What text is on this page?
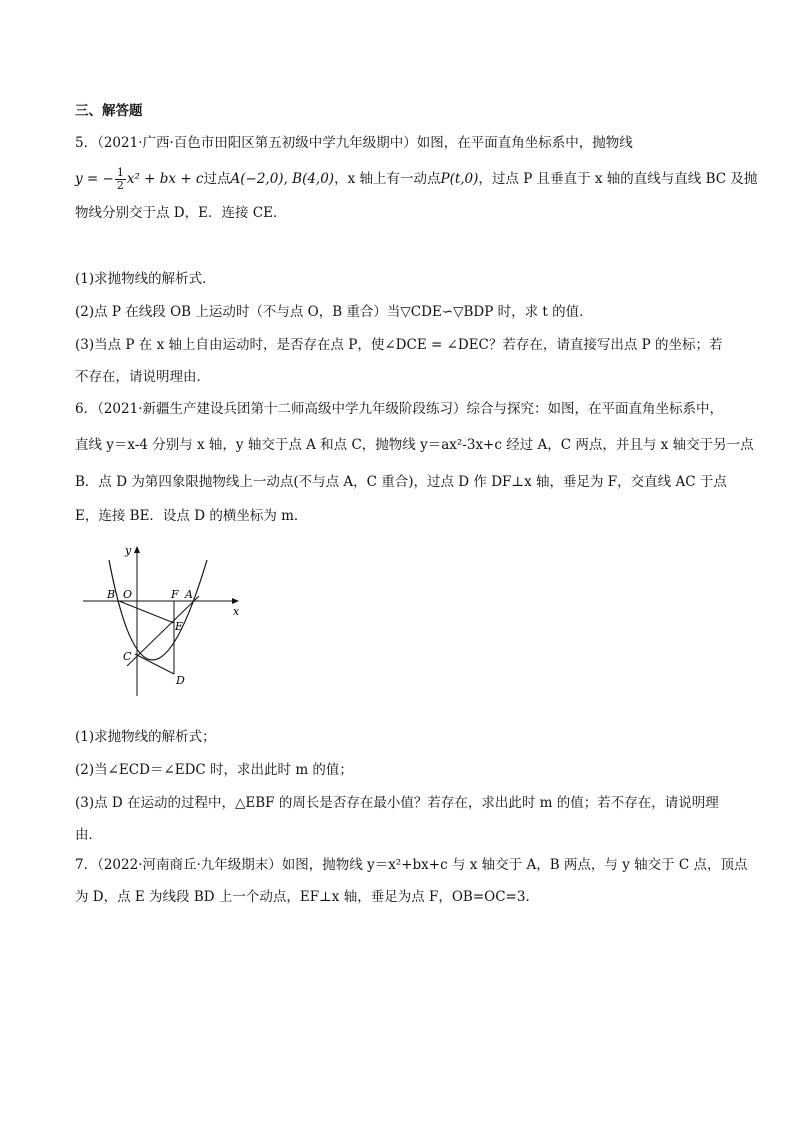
三、解答题
5．（2021·广西·百色市田阳区第五初级中学九年级期中）如图，在平面直角坐标系中，抛物线
y = − $\frac{1}{2} x^2$ + bx + c过点A(−2,0), B(4,0)，x 轴上有一动点P(t,0)，过点 P 且垂直于 x 轴的直线与直线 BC 及抛
物线分别交于点 D，E．连接 CE．
(1)求抛物线的解析式．
(2)点 P 在线段 OB 上运动时（不与点 O，B 重合）当▽CDE∽▽BDP 时，求 t 的值．
(3)当点 P 在 x 轴上自由运动时，是否存在点 P，使∠DCE = ∠DEC？若存在，请直接写出点 P 的坐标；若
不存在，请说明理由．
6．（2021·新疆生产建设兵团第十二师高级中学九年级阶段练习）综合与探究：如图，在平面直角坐标系中，
直线 y＝x-4 分别与 x 轴，y 轴交于点 A 和点 C，抛物线 y＝ax²-3x+c 经过 A，C 两点，并且与 x 轴交于另一点
B．点 D 为第四象限抛物线上一动点(不与点 A，C 重合)，过点 D 作 DF⊥x 轴，垂足为 F，交直线 AC 于点
E，连接 BE．设点 D 的横坐标为 m．
y
x
B O	F A
E
C
D
(1)求抛物线的解析式；
(2)当∠ECD＝∠EDC 时，求出此时 m 的值；
(3)点 D 在运动的过程中，△EBF 的周长是否存在最小值？若存在，求出此时 m 的值；若不存在，请说明理
由．
7．（2022·河南商丘·九年级期末）如图，抛物线 y＝x²+bx+c 与 x 轴交于 A，B 两点，与 y 轴交于 C 点，顶点
为 D，点 E 为线段 BD 上一个动点，EF⊥x 轴，垂足为点 F，OB=OC=3．
